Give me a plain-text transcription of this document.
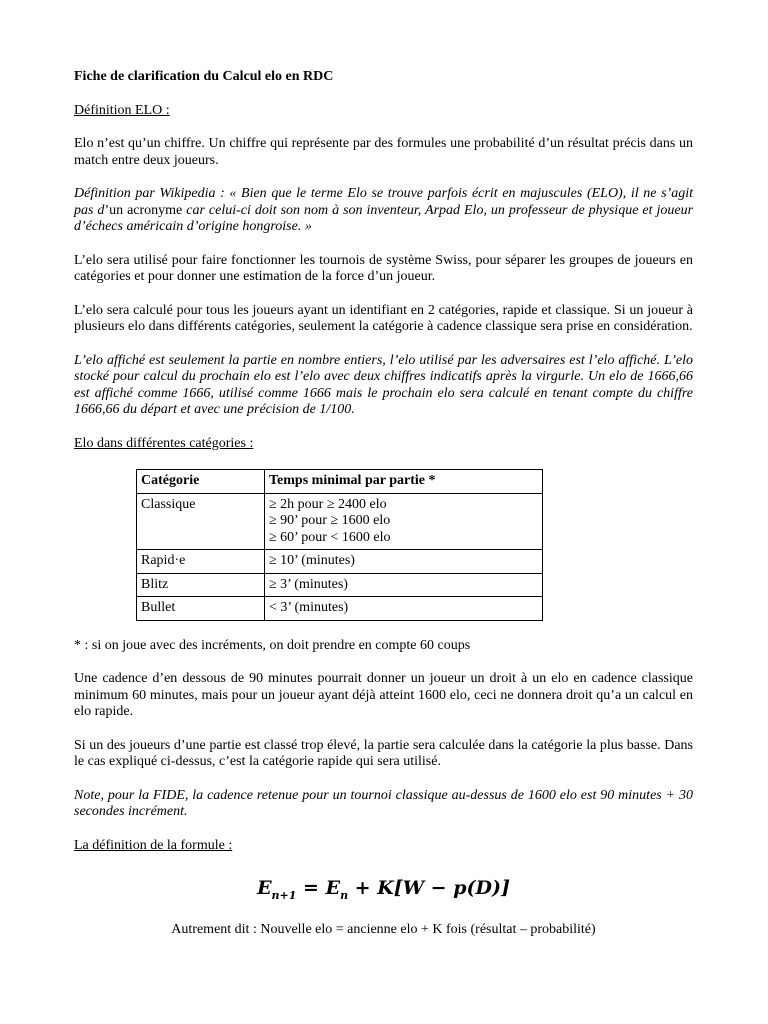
Fiche de clarification du Calcul elo en RDC
Définition ELO :

Elo n’est qu’un chiffre. Un chiffre qui représente par des formules une probabilité d’un résultat précis dans un match entre deux joueurs.

Définition par Wikipedia : « Bien que le terme Elo se trouve parfois écrit en majuscules (ELO), il ne s’agit pas d’un acronyme car celui-ci doit son nom à son inventeur, Arpad Elo, un professeur de physique et joueur d’échecs américain d’origine hongroise. »

L’elo sera utilisé pour faire fonctionner les tournois de système Swiss, pour séparer les groupes de joueurs en catégories et pour donner une estimation de la force d’un joueur.

L’elo sera calculé pour tous les joueurs ayant un identifiant en 2 catégories, rapide et classique. Si un joueur à plusieurs elo dans différents catégories, seulement la catégorie à cadence classique sera prise en considération.

L’elo affiché est seulement la partie en nombre entiers, l’elo utilisé par les adversaires est l’elo affiché. L’elo stocké pour calcul du prochain elo est l’elo avec deux chiffres indicatifs après la virgurle. Un elo de 1666,66 est affiché comme 1666, utilisé comme 1666 mais le prochain elo sera calculé en tenant compte du chiffre 1666,66 du départ et avec une précision de 1/100.

Elo dans différentes catégories :
Catégorie	Temps minimal par partie *
Classique	≥ 2h pour ≥ 2400 elo
≥ 90’ pour ≥ 1600 elo
≥ 60’ pour < 1600 elo

Rapid·e	≥ 10’ (minutes)
Blitz	≥ 3’ (minutes)
Bullet	< 3’ (minutes)

* : si on joue avec des incréments, on doit prendre en compte 60 coups

Une cadence d’en dessous de 90 minutes pourrait donner un joueur un droit à un elo en cadence classique minimum 60 minutes, mais pour un joueur ayant déjà atteint 1600 elo, ceci ne donnera droit qu’a un calcul en elo rapide.

Si un des joueurs d’une partie est classé trop élevé, la partie sera calculée dans la catégorie la plus basse. Dans le cas expliqué ci-dessus, c’est la catégorie rapide qui sera utilisé.

Note, pour la FIDE, la cadence retenue pour un tournoi classique au-dessus de 1600 elo est 90 minutes + 30 secondes incrément.

La définition de la formule :
$E_{n+1} = E_n + K[W - p(D)]$
Autrement dit : Nouvelle elo = ancienne elo + K fois (résultat – probabilité)
